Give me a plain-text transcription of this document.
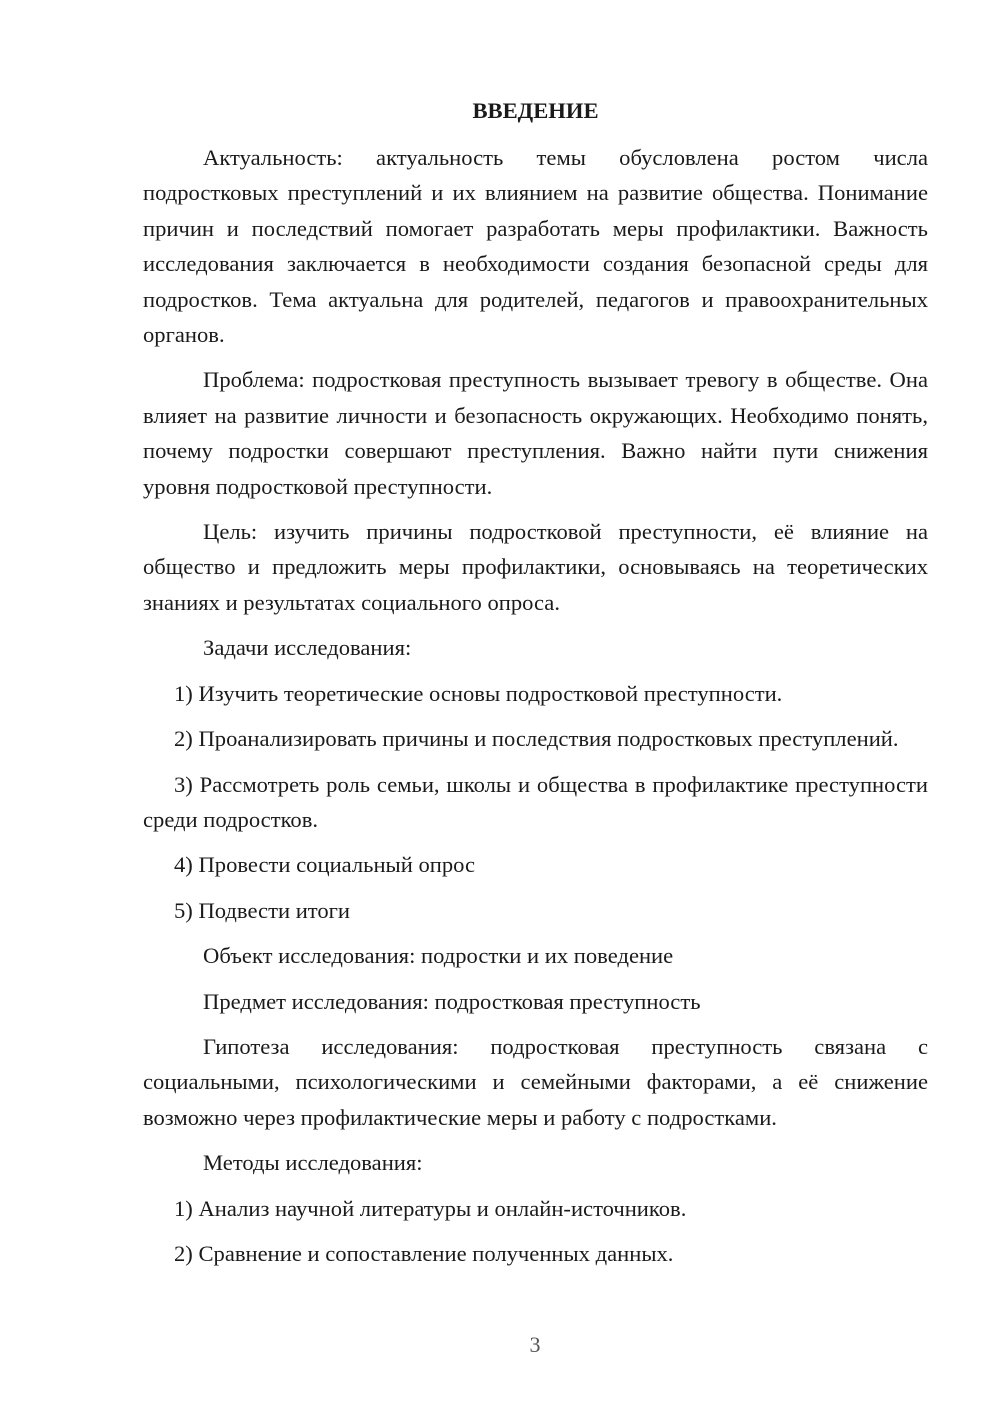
ВВЕДЕНИЕ

Актуальность: актуальность темы обусловлена ростом числа подростковых преступлений и их влиянием на развитие общества. Понимание причин и последствий помогает разработать меры профилактики. Важность исследования заключается в необходимости создания безопасной среды для подростков. Тема актуальна для родителей, педагогов и правоохранительных органов.

Проблема: подростковая преступность вызывает тревогу в обществе. Она влияет на развитие личности и безопасность окружающих. Необходимо понять, почему подростки совершают преступления. Важно найти пути снижения уровня подростковой преступности.

Цель: изучить причины подростковой преступности, её влияние на общество и предложить меры профилактики, основываясь на теоретических знаниях и результатах социального опроса.

Задачи исследования:

1) Изучить теоретические основы подростковой преступности.

2) Проанализировать причины и последствия подростковых преступлений.

3) Рассмотреть роль семьи, школы и общества в профилактике преступности среди подростков.

4) Провести социальный опрос

5) Подвести итоги

Объект исследования: подростки и их поведение

Предмет исследования: подростковая преступность

Гипотеза исследования: подростковая преступность связана с социальными, психологическими и семейными факторами, а её снижение возможно через профилактические меры и работу с подростками.

Методы исследования:

1) Анализ научной литературы и онлайн-источников.

2) Сравнение и сопоставление полученных данных.

3
